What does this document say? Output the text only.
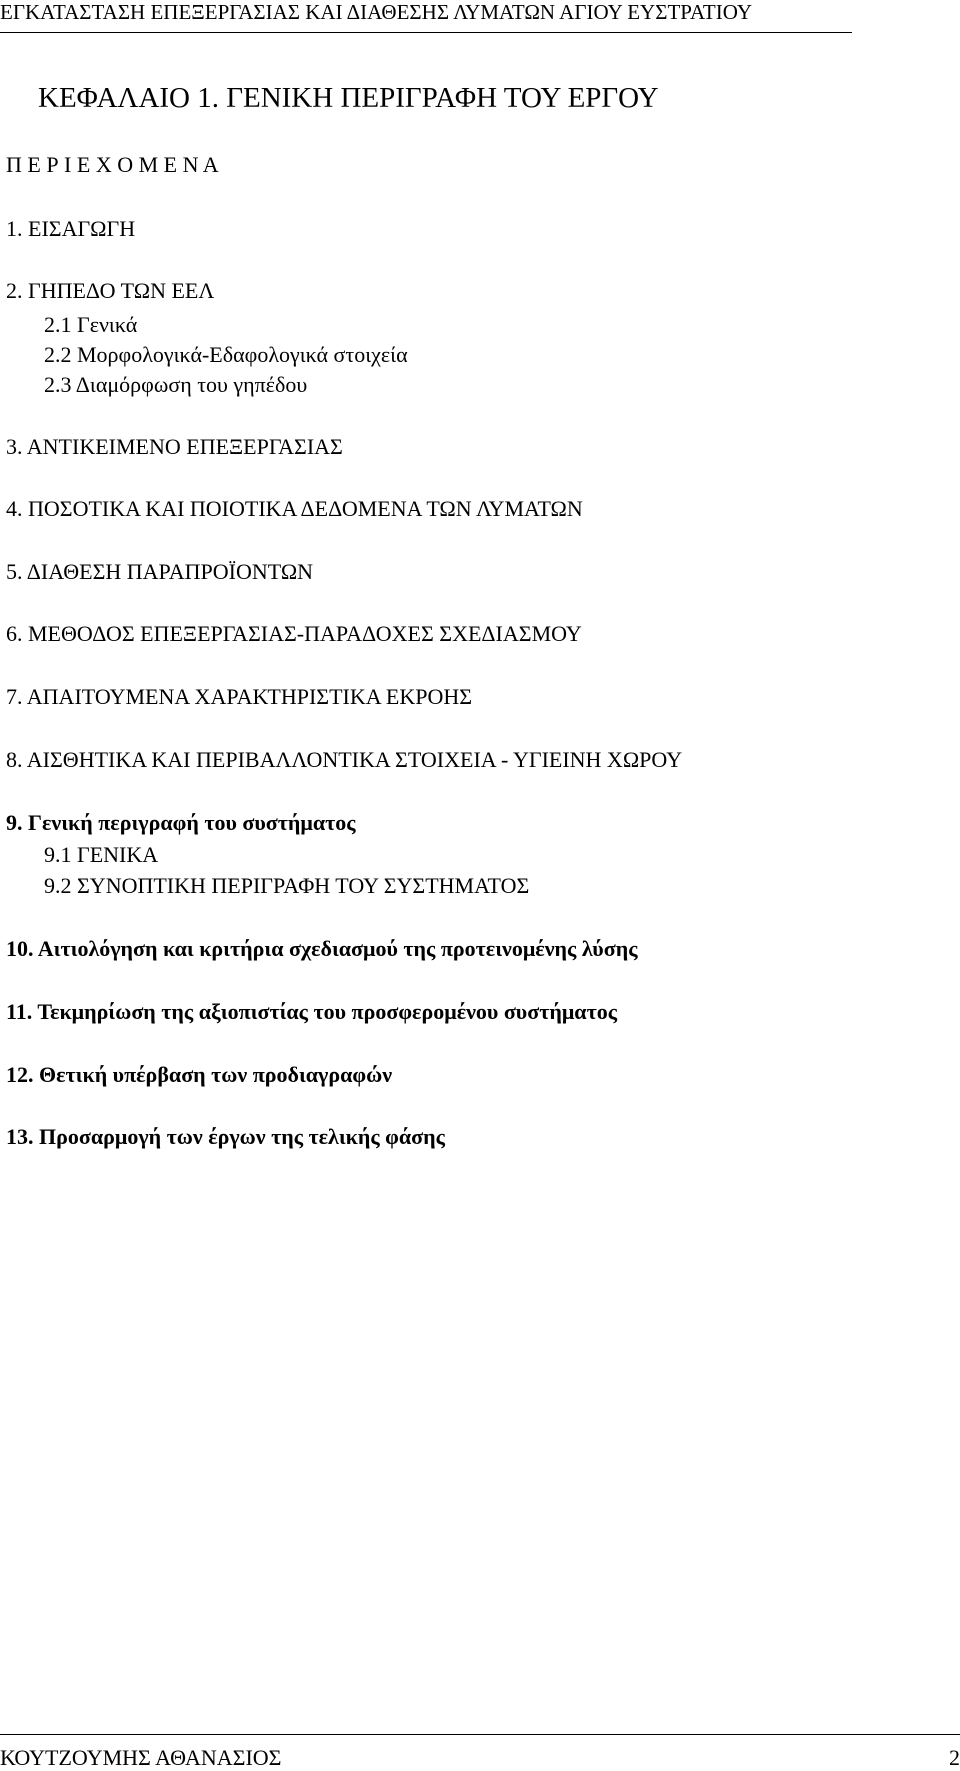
ΕΓΚΑΤΑΣΤΑΣΗ ΕΠΕΞΕΡΓΑΣΙΑΣ ΚΑΙ ΔΙΑΘΕΣΗΣ ΛΥΜΑΤΩΝ ΑΓΙΟΥ ΕΥΣΤΡΑΤΙΟΥ
ΚΕΦΑΛΑΙΟ 1. ΓΕΝΙΚΗ ΠΕΡΙΓΡΑΦΗ ΤΟΥ ΕΡΓΟΥ
Π Ε Ρ Ι Ε Χ Ο Μ Ε Ν Α
1. ΕΙΣΑΓΩΓΗ
2. ΓΗΠΕΔΟ ΤΩΝ ΕΕΛ
2.1 Γενικά
2.2 Μορφολογικά-Εδαφολογικά στοιχεία
2.3 Διαμόρφωση του γηπέδου
3. ΑΝΤΙΚΕΙΜΕΝΟ ΕΠΕΞΕΡΓΑΣΙΑΣ
4. ΠΟΣΟΤΙΚΑ ΚΑΙ ΠΟΙΟΤΙΚΑ ΔΕΔΟΜΕΝΑ ΤΩΝ ΛΥΜΑΤΩΝ
5. ΔΙΑΘΕΣΗ ΠΑΡΑΠΡΟΪΟΝΤΩΝ
6. ΜΕΘΟΔΟΣ ΕΠΕΞΕΡΓΑΣΙΑΣ-ΠΑΡΑΔΟΧΕΣ ΣΧΕΔΙΑΣΜΟΥ
7. ΑΠΑΙΤΟΥΜΕΝΑ ΧΑΡΑΚΤΗΡΙΣΤΙΚΑ ΕΚΡΟΗΣ
8. ΑΙΣΘΗΤΙΚΑ ΚΑΙ ΠΕΡΙΒΑΛΛΟΝΤΙΚΑ ΣΤΟΙΧΕΙΑ - ΥΓΙΕΙΝΗ ΧΩΡΟΥ
9. Γενική περιγραφή του συστήματος
9.1 ΓΕΝΙΚΑ
9.2 ΣΥΝΟΠΤΙΚΗ ΠΕΡΙΓΡΑΦΗ ΤΟΥ ΣΥΣΤΗΜΑΤΟΣ
10. Αιτιολόγηση και κριτήρια σχεδιασμού της προτεινομένης λύσης
11. Τεκμηρίωση της αξιοπιστίας του προσφερομένου συστήματος
12. Θετική υπέρβαση των προδιαγραφών
13. Προσαρμογή των έργων της τελικής φάσης
ΚΟΥΤΖΟΥΜΗΣ ΑΘΑΝΑΣΙΟΣ	2
